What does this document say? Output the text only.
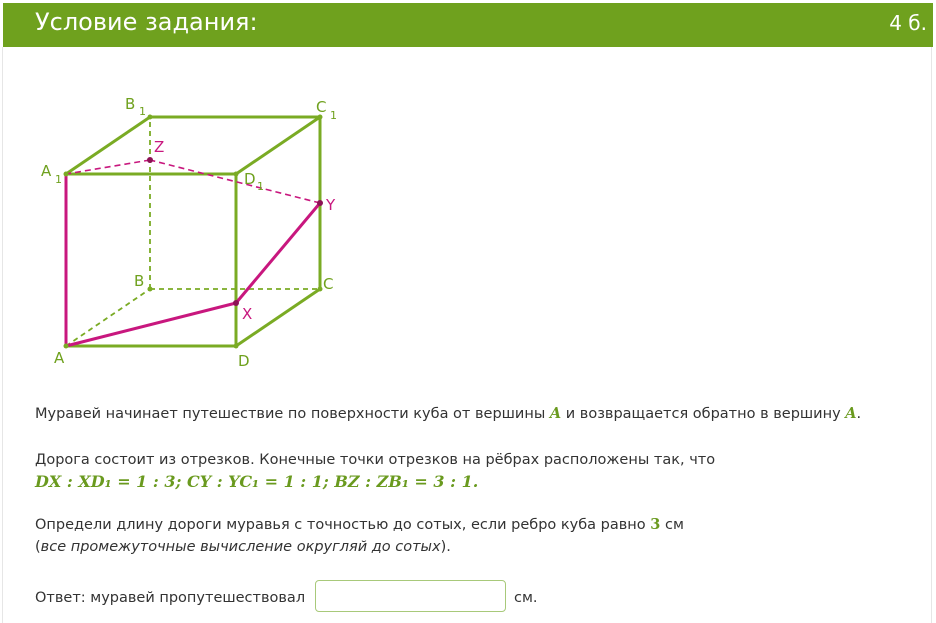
Условие задания:	4 б.
A	D
C
B
A 1
B 1	C 1
D 1
X
Y
Z
Муравей начинает путешествие по поверхности куба от вершины A и возвращается обратно в вершину A.
Дорога состоит из отрезков. Конечные точки отрезков на рёбрах расположены так, что
DX : XD₁ = 1 : 3; CY : YC₁ = 1 : 1; BZ : ZB₁ = 3 : 1.
Определи длину дороги муравья с точностью до сотых, если ребро куба равно 3 см
(все промежуточные вычисление округляй до сотых).
Ответ: муравей пропутешествовал	см.
